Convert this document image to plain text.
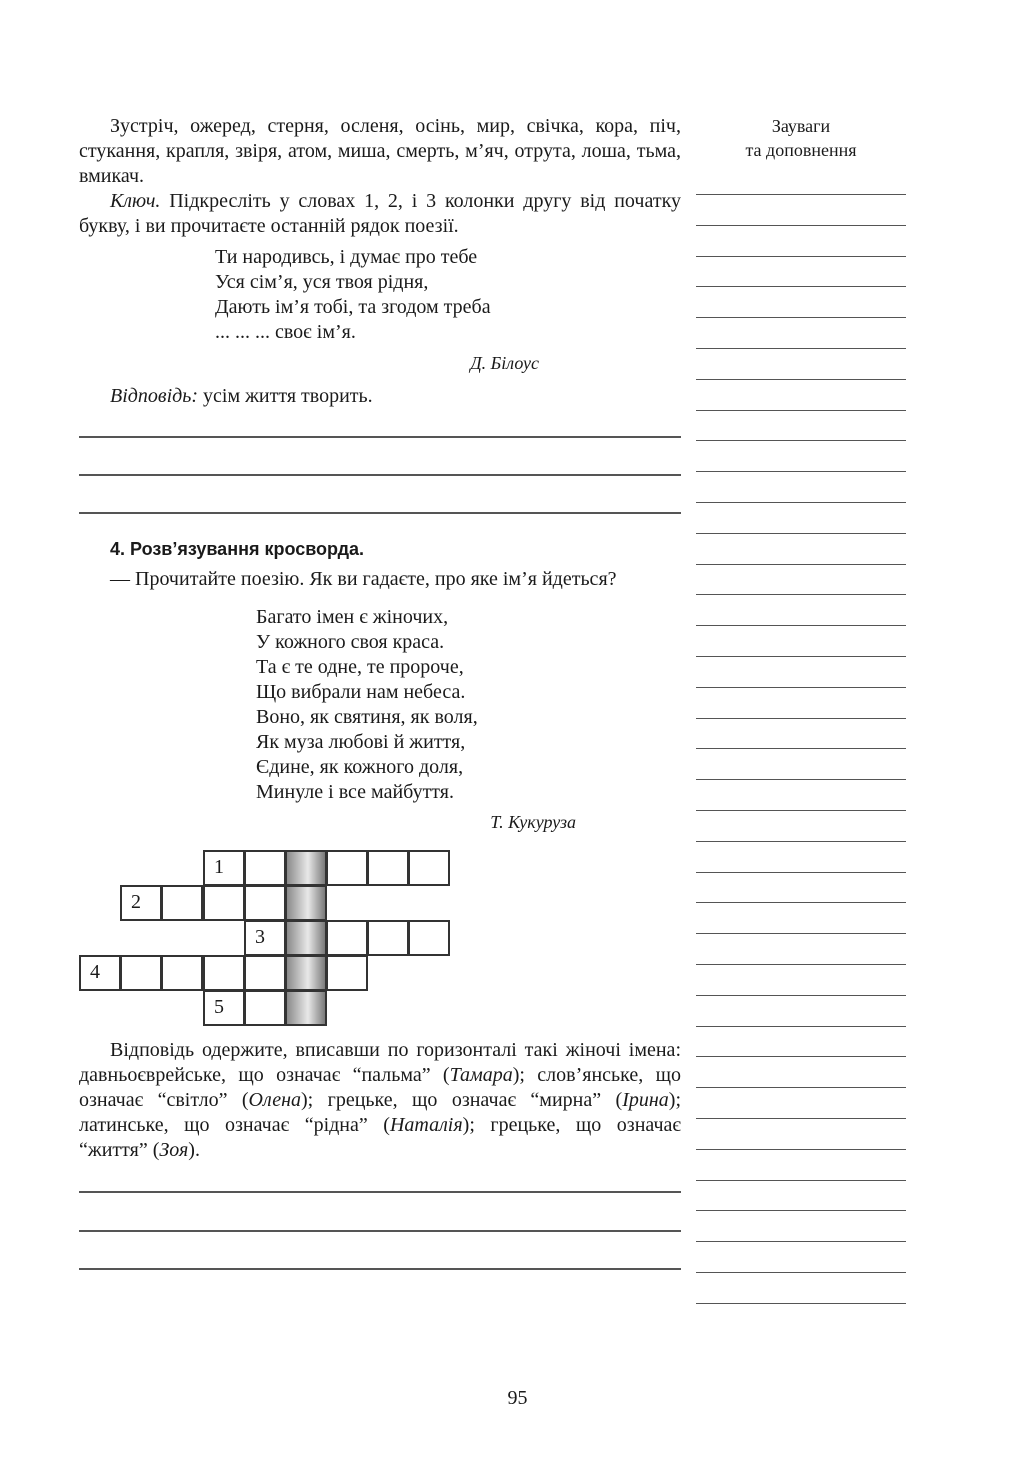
Зустріч, ожеред, стерня, осленя, осінь, мир, свічка, кора, піч, стукання, крапля, звіря, атом, миша, смерть, м’яч, отрута, лоша, тьма, вмикач.

Ключ. Підкресліть у словах 1, 2, і 3 колонки другу від початку букву, і ви прочитаєте останній рядок поезії.

Ти народивсь, і думає про тебе
Уся сім’я, уся твоя рідня,
Дають ім’я тобі, та згодом треба
... ... ... своє ім’я.
Д. Білоус

Відповідь: усім життя творить.

4. Розв’язування кросворда.
— Прочитайте поезію. Як ви гадаєте, про яке ім’я йдеться?
Багато імен є жіночих,
У кожного своя краса.
Та є те одне, те пророче,
Що вибрали нам небеса.
Воно, як святиня, як воля,
Як муза любові й життя,
Єдине, як кожного доля,
Минуле і все майбуття.
Т. Кукуруза
1
2
3
4
5

Відповідь одержите, вписавши по горизонталі такі жіночі імена: давньоєврейське, що означає “пальма” (Тамара); слов’янське, що означає “світло” (Олена); грецьке, що означає “мирна” (Ірина); латинське, що означає “рідна” (Наталія); грецьке, що означає “життя” (Зоя).

Зауваги
та доповнення
95
